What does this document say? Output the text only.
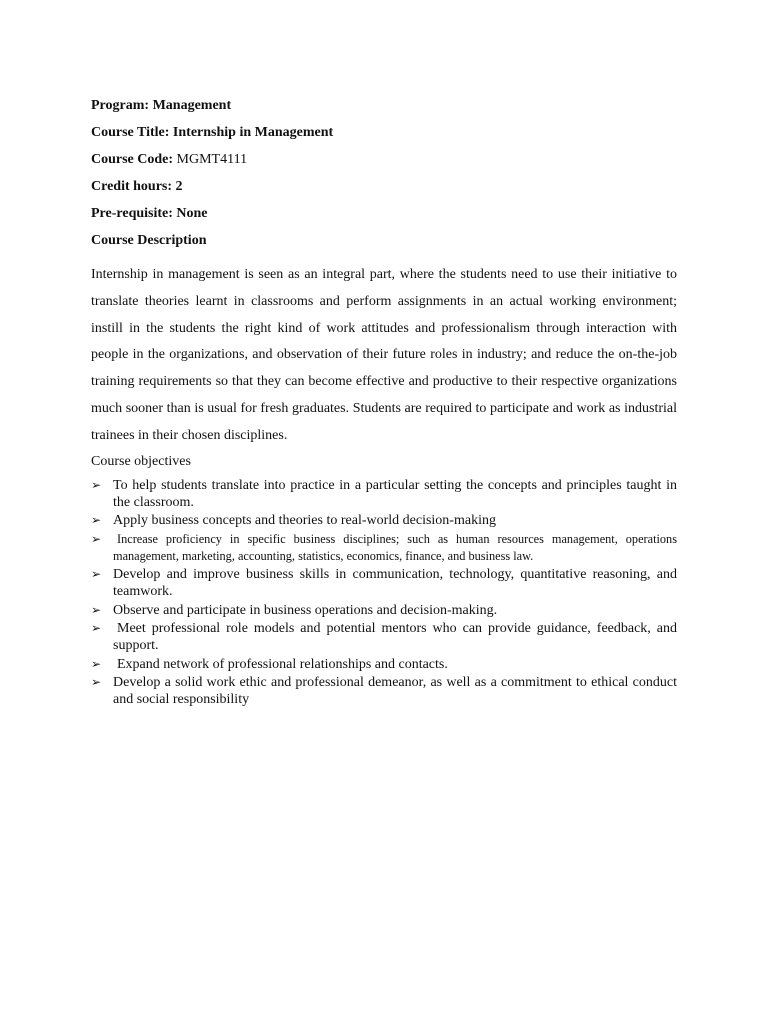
Program: Management
Course Title: Internship in Management
Course Code: MGMT4111
Credit hours: 2
Pre-requisite: None
Course Description

Internship in management is seen as an integral part, where the students need to use their initiative to translate theories learnt in classrooms and perform assignments in an actual working environment; instill in the students the right kind of work attitudes and professionalism through interaction with people in the organizations, and observation of their future roles in industry; and reduce the on-the-job training requirements so that they can become effective and productive to their respective organizations much sooner than is usual for fresh graduates. Students are required to participate and work as industrial trainees in their chosen disciplines.

Course objectives
➢ To help students translate into practice in a particular setting the concepts and principles taught in the classroom.
➢ Apply business concepts and theories to real-world decision-making
➢	Increase proficiency in specific business disciplines; such as human resources management, operations management, marketing, accounting, statistics, economics, finance, and business law.
➢ Develop and improve business skills in communication, technology, quantitative reasoning, and teamwork.
➢ Observe and participate in business operations and decision-making.
➢	Meet professional role models and potential mentors who can provide guidance, feedback, and support.
➢	Expand network of professional relationships and contacts.
➢ Develop a solid work ethic and professional demeanor, as well as a commitment to ethical conduct and social responsibility
